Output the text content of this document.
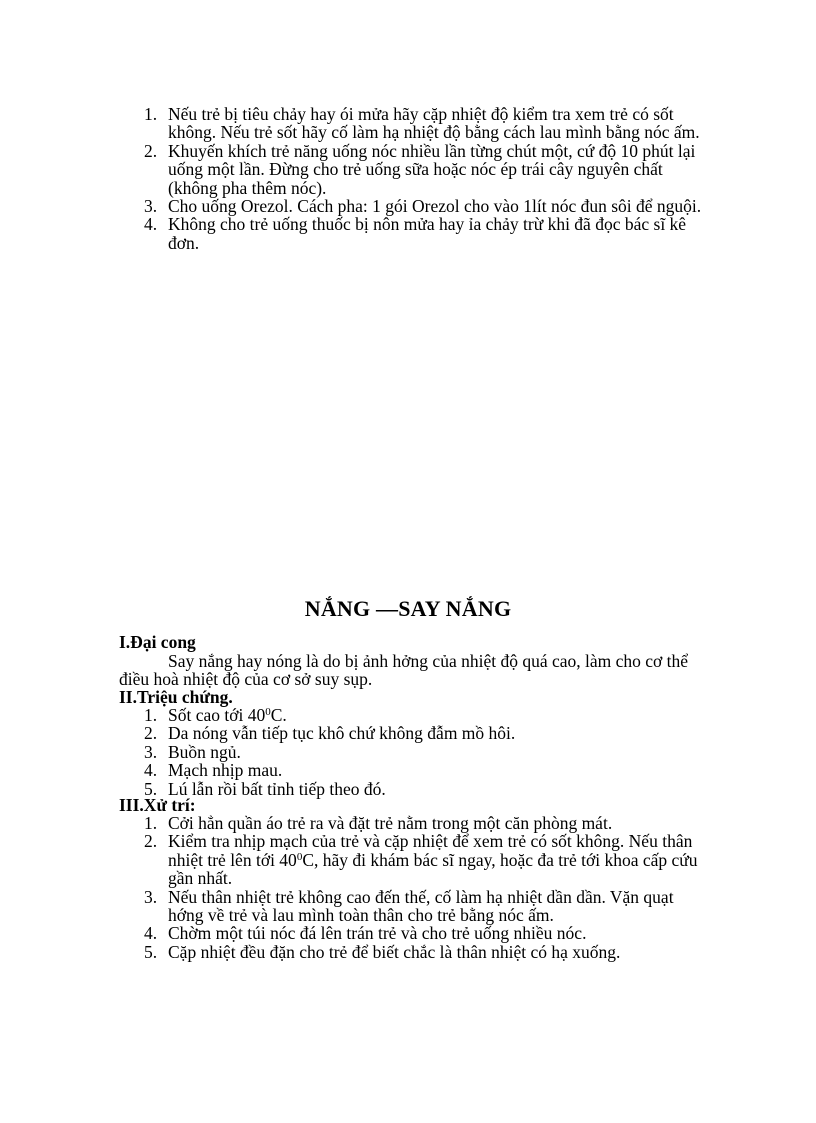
1. Nếu trẻ bị tiêu chảy hay ói mửa hãy cặp nhiệt độ kiểm tra xem trẻ có sốt không. Nếu trẻ sốt hãy cố làm hạ nhiệt độ bằng cách lau mình bằng nóc ấm.
2. Khuyến khích trẻ năng uống nóc nhiều lần từng chút một, cứ độ 10 phút lại uống một lần. Đừng cho trẻ uống sữa hoặc nóc ép trái cây nguyên chất (không pha thêm nóc).
3. Cho uống Orezol. Cách pha: 1 gói Orezol cho vào 1lít nóc đun sôi để nguội.
4. Không cho trẻ uống thuốc bị nôn mửa hay ỉa chảy trừ khi đã đọc bác sĩ kê đơn.
NẮNG —SAY NẮNG
I.Đại cong
Say nắng hay nóng là do bị ảnh hởng của nhiệt độ quá cao, làm cho cơ thể điều hoà nhiệt độ của cơ sở suy sụp.
II.Triệu chứng.
1. Sốt cao tới $40^0C$.
2. Da nóng vẫn tiếp tục khô chứ không đẫm mồ hôi.
3. Buồn ngủ.
4. Mạch nhịp mau.
5. Lú lẫn rồi bất tỉnh tiếp theo đó.
III.Xử trí:
1. Cởi hẳn quần áo trẻ ra và đặt trẻ nằm trong một căn phòng mát.
2. Kiểm tra nhịp mạch của trẻ và cặp nhiệt để xem trẻ có sốt không. Nếu thân nhiệt trẻ lên tới $40^0C$, hãy đi khám bác sĩ ngay, hoặc đa trẻ tới khoa cấp cứu gần nhất.
3. Nếu thân nhiệt trẻ không cao đến thế, cố làm hạ nhiệt dần dần. Vặn quạt hớng về trẻ và lau mình toàn thân cho trẻ bằng nóc ấm.
4. Chờm một túi nóc đá lên trán trẻ và cho trẻ uống nhiều nóc.
5. Cặp nhiệt đều đặn cho trẻ để biết chắc là thân nhiệt có hạ xuống.
